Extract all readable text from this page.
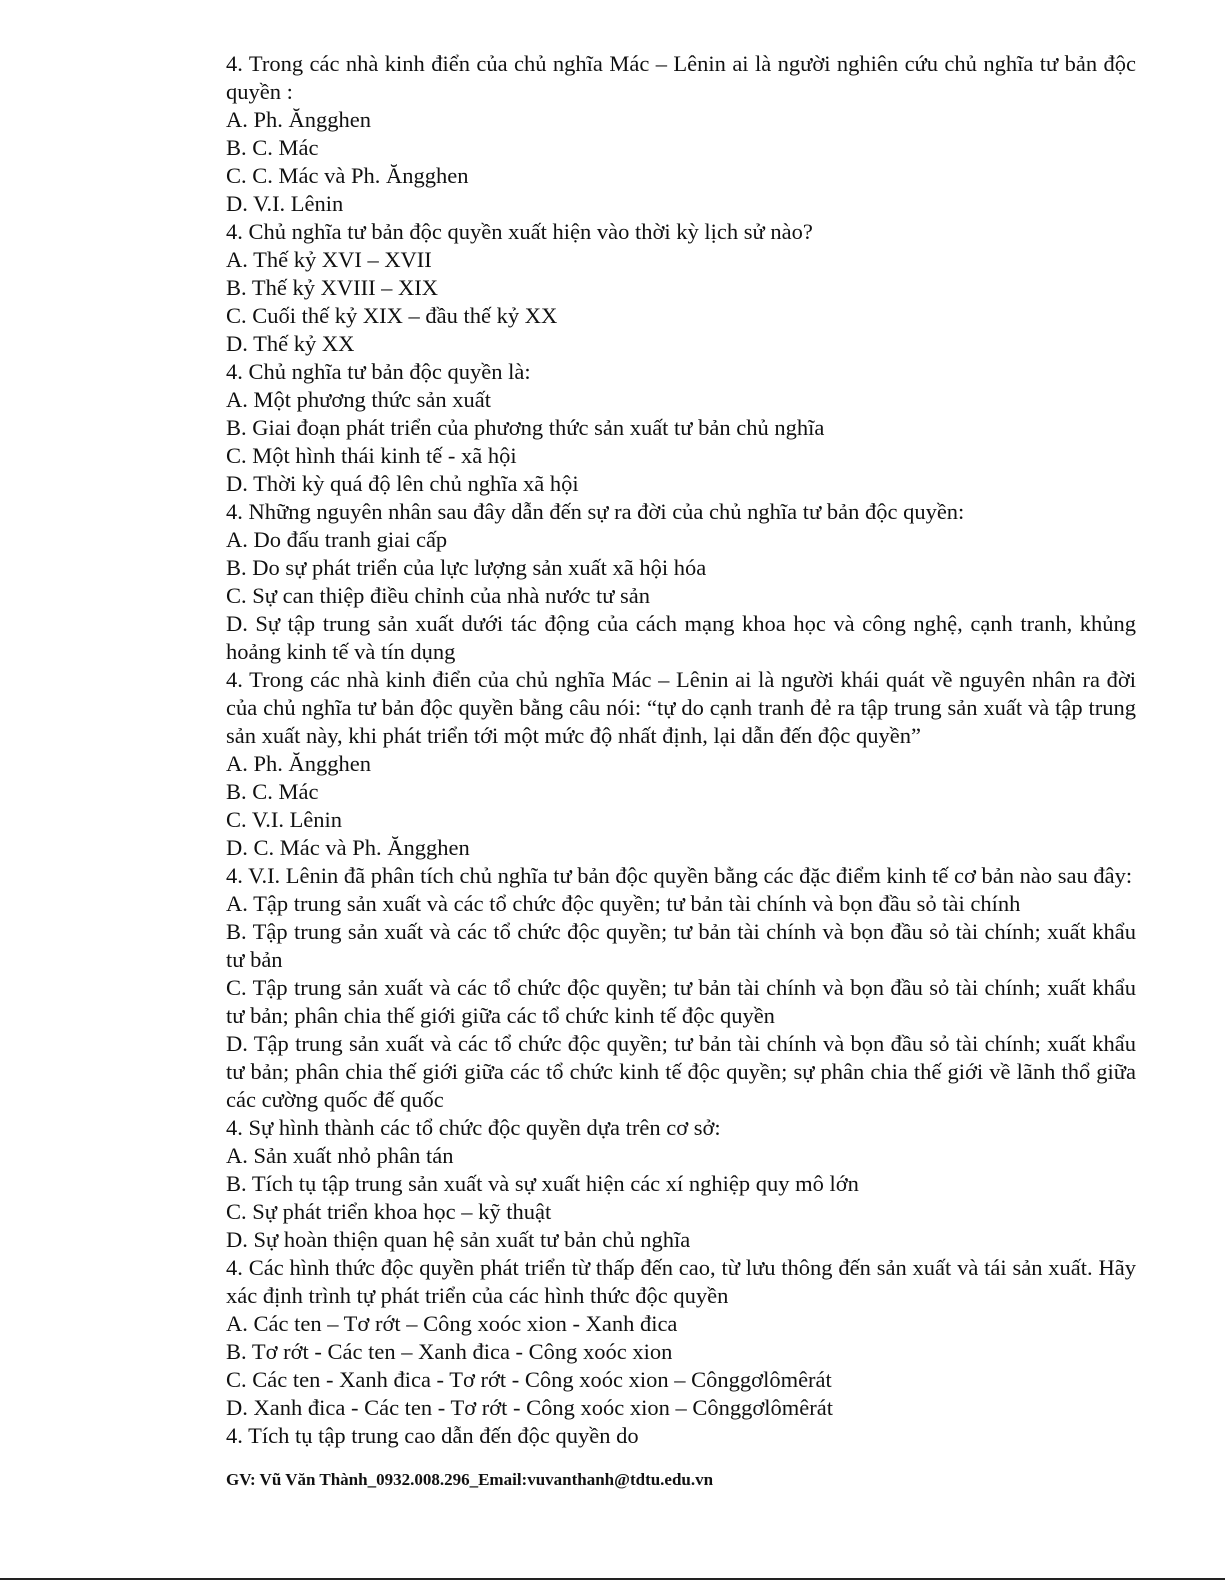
4. Trong các nhà kinh điển của chủ nghĩa Mác – Lênin ai là người nghiên cứu chủ nghĩa tư bản độc quyền :

A. Ph. Ăngghen
B. C. Mác
C. C. Mác và Ph. Ăngghen
D. V.I. Lênin

4. Chủ nghĩa tư bản độc quyền xuất hiện vào thời kỳ lịch sử nào?

A. Thế kỷ XVI – XVII
B. Thế kỷ XVIII – XIX
C. Cuối thế kỷ XIX – đầu thế kỷ XX
D. Thế kỷ XX

4. Chủ nghĩa tư bản độc quyền là:

A. Một phương thức sản xuất
B. Giai đoạn phát triển của phương thức sản xuất tư bản chủ nghĩa
C. Một hình thái kinh tế - xã hội
D. Thời kỳ quá độ lên chủ nghĩa xã hội

4. Những nguyên nhân sau đây dẫn đến sự ra đời của chủ nghĩa tư bản độc quyền:

A. Do đấu tranh giai cấp
B. Do sự phát triển của lực lượng sản xuất xã hội hóa
C. Sự can thiệp điều chỉnh của nhà nước tư sản
D. Sự tập trung sản xuất dưới tác động của cách mạng khoa học và công nghệ, cạnh tranh, khủng hoảng kinh tế và tín dụng

4. Trong các nhà kinh điển của chủ nghĩa Mác – Lênin ai là người khái quát về nguyên nhân ra đời của chủ nghĩa tư bản độc quyền bằng câu nói: “tự do cạnh tranh đẻ ra tập trung sản xuất và tập trung sản xuất này, khi phát triển tới một mức độ nhất định, lại dẫn đến độc quyền”

A. Ph. Ăngghen
B. C. Mác
C. V.I. Lênin
D. C. Mác và Ph. Ăngghen

4. V.I. Lênin đã phân tích chủ nghĩa tư bản độc quyền bằng các đặc điểm kinh tế cơ bản nào sau đây:

A. Tập trung sản xuất và các tổ chức độc quyền; tư bản tài chính và bọn đầu sỏ tài chính
B. Tập trung sản xuất và các tổ chức độc quyền; tư bản tài chính và bọn đầu sỏ tài chính; xuất khẩu tư bản
C. Tập trung sản xuất và các tổ chức độc quyền; tư bản tài chính và bọn đầu sỏ tài chính; xuất khẩu tư bản; phân chia thế giới giữa các tổ chức kinh tế độc quyền
D. Tập trung sản xuất và các tổ chức độc quyền; tư bản tài chính và bọn đầu sỏ tài chính; xuất khẩu tư bản; phân chia thế giới giữa các tổ chức kinh tế độc quyền; sự phân chia thế giới về lãnh thổ giữa các cường quốc đế quốc

4. Sự hình thành các tổ chức độc quyền dựa trên cơ sở:

A. Sản xuất nhỏ phân tán
B. Tích tụ tập trung sản xuất và sự xuất hiện các xí nghiệp quy mô lớn
C. Sự phát triển khoa học – kỹ thuật
D. Sự hoàn thiện quan hệ sản xuất tư bản chủ nghĩa

4. Các hình thức độc quyền phát triển từ thấp đến cao, từ lưu thông đến sản xuất và tái sản xuất. Hãy xác định trình tự phát triển của các hình thức độc quyền

A. Các ten – Tơ rớt – Công xoóc xion - Xanh đica
B. Tơ rớt - Các ten – Xanh đica - Công xoóc xion
C. Các ten - Xanh đica - Tơ rớt - Công xoóc xion – Cônggơlômêrát
D. Xanh đica - Các ten - Tơ rớt - Công xoóc xion – Cônggơlômêrát

4. Tích tụ tập trung cao dẫn đến độc quyền do

GV: Vũ Văn Thành_0932.008.296_Email:vuvanthanh@tdtu.edu.vn
